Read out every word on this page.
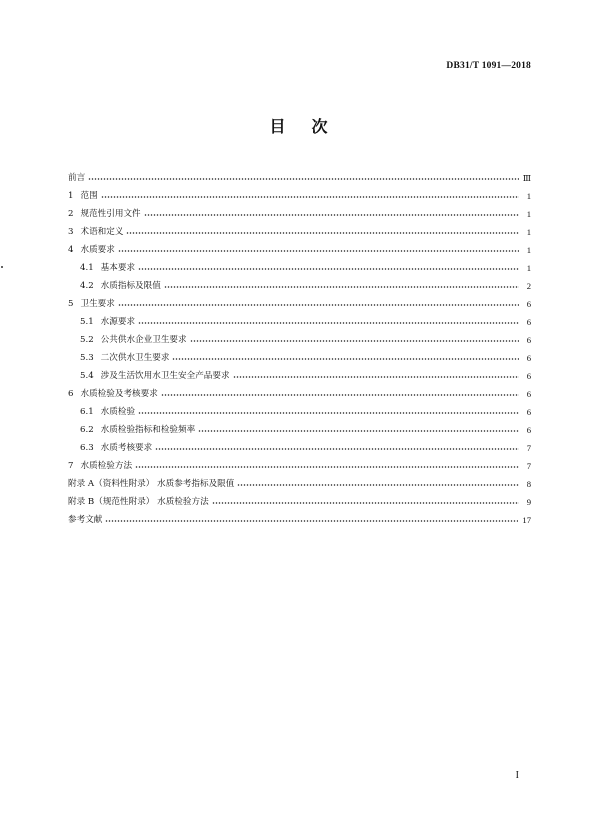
DB31/T 1091—2018
目次
前言	Ⅲ
1 范围	1
2 规范性引用文件	1
3 术语和定义	1
4 水质要求	1
4.1 基本要求	1
4.2 水质指标及限值	2
5 卫生要求	6
5.1 水源要求	6
5.2 公共供水企业卫生要求	6
5.3 二次供水卫生要求	6
5.4 涉及生活饮用水卫生安全产品要求	6
6 水质检验及考核要求	6
6.1 水质检验	6
6.2 水质检验指标和检验频率	6
6.3 水质考核要求	7
7 水质检验方法	7
附录 A（资料性附录） 水质参考指标及限值	8
附录 B（规范性附录） 水质检验方法	9
参考文献	17
I
